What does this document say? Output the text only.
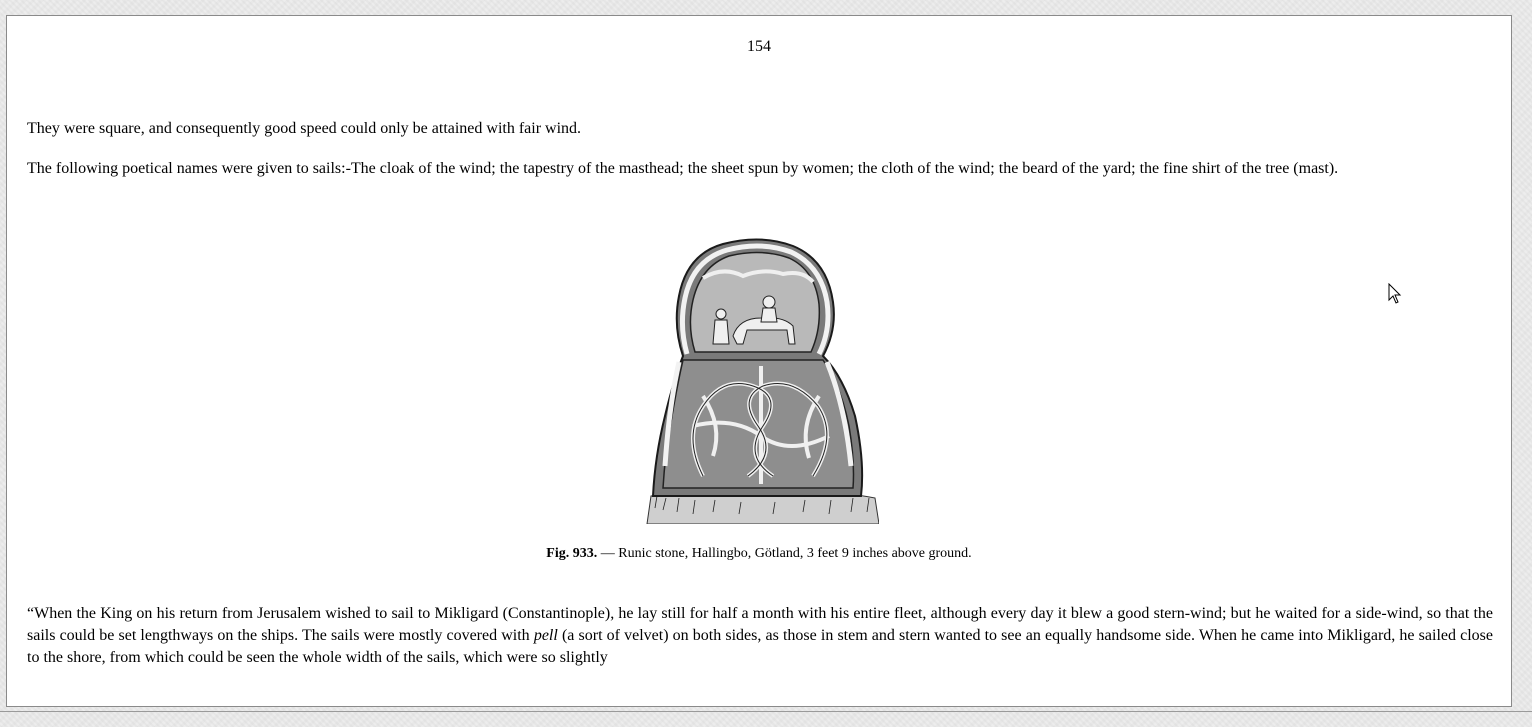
154

They were square, and consequently good speed could only be attained with fair wind.

The following poetical names were given to sails:-The cloak of the wind; the tapestry of the masthead; the sheet spun by women; the cloth of the wind; the beard of the yard; the fine shirt of the tree (mast).

Fig. 933. — Runic stone, Hallingbo, Götland, 3 feet 9 inches above ground.

“When the King on his return from Jerusalem wished to sail to Mikligard (Constantinople), he lay still for half a month with his entire fleet, although every day it blew a good stern-wind; but he waited for a side-wind, so that the sails could be set lengthways on the ships. The sails were mostly covered with pell (a sort of velvet) on both sides, as those in stem and stern wanted to see an equally handsome side. When he came into Mikligard, he sailed close to the shore, from which could be seen the whole width of the sails, which were so slightly
